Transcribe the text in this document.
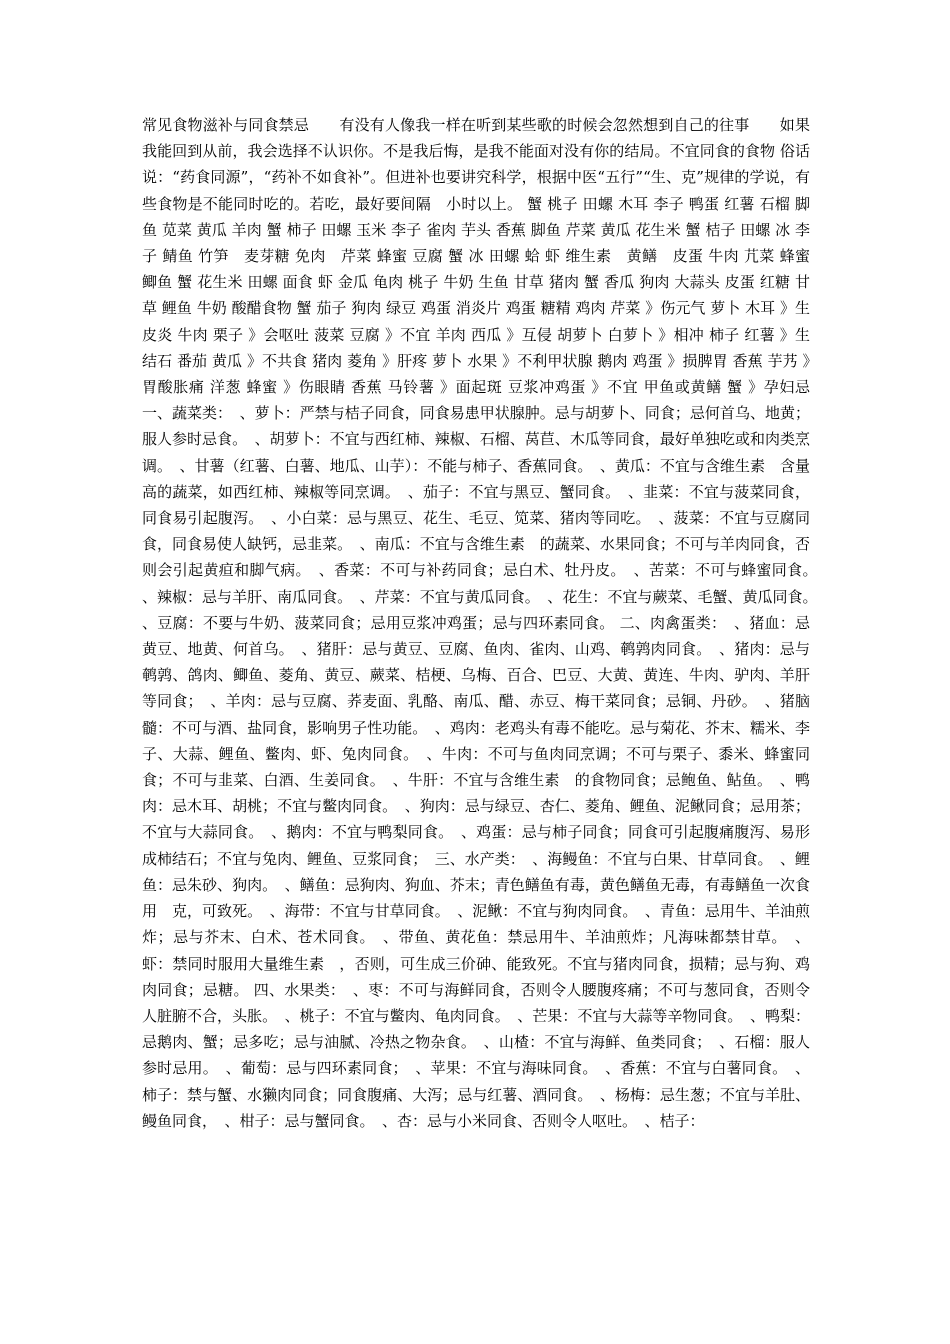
常见食物滋补与同食禁忌　　有没有人像我一样在听到某些歌的时候会忽然想到自己的往事　　如果我能回到从前，我会选择不认识你。不是我后悔，是我不能面对没有你的结局。不宜同食的食物 俗话说：“药食同源”，“药补不如食补”。但进补也要讲究科学，根据中医“五行”“生、克”规律的学说，有些食物是不能同时吃的。若吃，最好要间隔　小时以上。 蟹 桃子 田螺 木耳 李子 鸭蛋 红薯 石榴 脚鱼 苋菜 黄瓜 羊肉 蟹 柿子 田螺 玉米 李子 雀肉 芋头 香蕉 脚鱼 芹菜 黄瓜 花生米 蟹 桔子 田螺 冰 李子 鲭鱼 竹笋　麦芽糖 免肉　芹菜 蜂蜜 豆腐 蟹 冰 田螺 蛤 虾 维生素　黄鳝　皮蛋 牛肉 芁菜 蜂蜜 鲫鱼 蟹 花生米 田螺 面食 虾 金瓜 龟肉 桃子 牛奶 生鱼 甘草 猪肉 蟹 香瓜 狗肉 大蒜头 皮蛋 红糖 甘草 鲤鱼 牛奶 酸醋食物 蟹 茄子 狗肉 绿豆 鸡蛋 消炎片 鸡蛋 糖精 鸡肉 芹菜 》伤元气 萝卜 木耳 》生皮炎 牛肉 栗子 》会呕吐 菠菜 豆腐 》不宜 羊肉 西瓜 》互侵 胡萝卜 白萝卜 》相冲 柿子 红薯 》生结石 番茄 黄瓜 》不共食 猪肉 菱角 》肝疼 萝卜 水果 》不利甲状腺 鹅肉 鸡蛋 》损脾胃 香蕉 芋艿 》胃酸胀痛 洋葱 蜂蜜 》伤眼睛 香蕉 马铃薯 》面起斑 豆浆冲鸡蛋 》不宜 甲鱼或黄鳝 蟹 》孕妇忌 一、蔬菜类：　、萝卜：严禁与桔子同食，同食易患甲状腺肿。忌与胡萝卜、同食；忌何首乌、地黄；服人参时忌食。　、胡萝卜：不宜与西红柿、辣椒、石榴、莴苣、木瓜等同食，最好单独吃或和肉类烹调。　、甘薯（红薯、白薯、地瓜、山芋）：不能与柿子、香蕉同食。　、黄瓜：不宜与含维生素　含量高的蔬菜，如西红柿、辣椒等同烹调。　、茄子：不宜与黑豆、蟹同食。　、韭菜：不宜与菠菜同食，同食易引起腹泻。　、小白菜：忌与黑豆、花生、毛豆、笕菜、猪肉等同吃。　、菠菜：不宜与豆腐同食，同食易使人缺钙，忌韭菜。　、南瓜：不宜与含维生素　的蔬菜、水果同食；不可与羊肉同食，否则会引起黄疸和脚气病。　、香菜：不可与补药同食；忌白术、牡丹皮。　、苦菜：不可与蜂蜜同食。　、辣椒：忌与羊肝、南瓜同食。　、芹菜：不宜与黄瓜同食。　、花生：不宜与蕨菜、毛蟹、黄瓜同食。　、豆腐：不要与牛奶、菠菜同食；忌用豆浆冲鸡蛋；忌与四环素同食。 二、肉禽蛋类：　、猪血：忌黄豆、地黄、何首乌。　、猪肝：忌与黄豆、豆腐、鱼肉、雀肉、山鸡、鹌鹑肉同食。　、猪肉：忌与鹌鹑、鸽肉、鲫鱼、菱角、黄豆、蕨菜、桔梗、乌梅、百合、巴豆、大黄、黄连、牛肉、驴肉、羊肝等同食；　、羊肉：忌与豆腐、荞麦面、乳酪、南瓜、醋、赤豆、梅干菜同食；忌铜、丹砂。　、猪脑髓：不可与酒、盐同食，影响男子性功能。　、鸡肉：老鸡头有毒不能吃。忌与菊花、芥末、糯米、李子、大蒜、鲤鱼、鳖肉、虾、兔肉同食。　、牛肉：不可与鱼肉同烹调；不可与栗子、黍米、蜂蜜同食；不可与韭菜、白酒、生姜同食。　、牛肝：不宜与含维生素　的食物同食；忌鲍鱼、鲇鱼。　、鸭肉：忌木耳、胡桃；不宜与鳖肉同食。　、狗肉：忌与绿豆、杏仁、菱角、鲤鱼、泥鳅同食；忌用茶；不宜与大蒜同食。　、鹅肉：不宜与鸭梨同食。　、鸡蛋：忌与柿子同食；同食可引起腹痛腹泻、易形成柿结石；不宜与兔肉、鲤鱼、豆浆同食；　三、水产类：　、海鳗鱼：不宜与白果、甘草同食。　、鲤鱼：忌朱砂、狗肉。　、鳝鱼：忌狗肉、狗血、芥末；青色鳝鱼有毒，黄色鳝鱼无毒，有毒鳝鱼一次食用　克，可致死。　、海带：不宜与甘草同食。　、泥鳅：不宜与狗肉同食。　、青鱼：忌用牛、羊油煎炸；忌与芥末、白术、苍术同食。　、带鱼、黄花鱼：禁忌用牛、羊油煎炸；凡海味都禁甘草。　、虾：禁同时服用大量维生素　，否则，可生成三价砷、能致死。不宜与猪肉同食，损精；忌与狗、鸡肉同食；忌糖。 四、水果类：　、枣：不可与海鲜同食，否则令人腰腹疼痛；不可与葱同食，否则令人脏腑不合，头胀。　、桃子：不宜与鳖肉、龟肉同食。　、芒果：不宜与大蒜等辛物同食。　、鸭梨：忌鹅肉、蟹；忌多吃；忌与油腻、冷热之物杂食。　、山楂：不宜与海鲜、鱼类同食；　、石榴：服人参时忌用。　、葡萄：忌与四环素同食；　、苹果：不宜与海味同食。　、香蕉：不宜与白薯同食。　、柿子：禁与蟹、水獭肉同食；同食腹痛、大泻；忌与红薯、酒同食。　、杨梅：忌生葱；不宜与羊肚、鳗鱼同食，　、柑子：忌与蟹同食。　、杏：忌与小米同食、否则令人呕吐。　、桔子：
